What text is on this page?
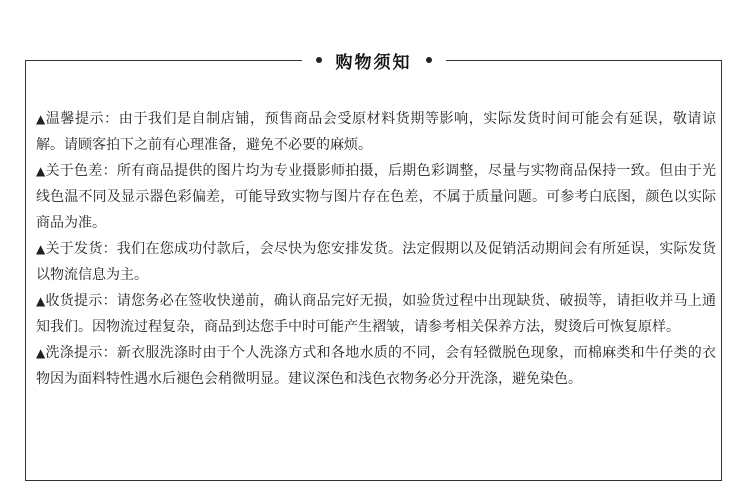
购物须知

▲温馨提示：由于我们是自制店铺，预售商品会受原材料货期等影响，实际发货时间可能会有延误，敬请谅解。请顾客拍下之前有心理准备，避免不必要的麻烦。

▲关于色差：所有商品提供的图片均为专业摄影师拍摄，后期色彩调整，尽量与实物商品保持一致。但由于光线色温不同及显示器色彩偏差，可能导致实物与图片存在色差，不属于质量问题。可参考白底图，颜色以实际商品为准。

▲关于发货：我们在您成功付款后，会尽快为您安排发货。法定假期以及促销活动期间会有所延误，实际发货以物流信息为主。

▲收货提示：请您务必在签收快递前，确认商品完好无损，如验货过程中出现缺货、破损等，请拒收并马上通知我们。因物流过程复杂，商品到达您手中时可能产生褶皱，请参考相关保养方法，熨烫后可恢复原样。

▲洗涤提示：新衣服洗涤时由于个人洗涤方式和各地水质的不同，会有轻微脱色现象，而棉麻类和牛仔类的衣物因为面料特性遇水后褪色会稍微明显。建议深色和浅色衣物务必分开洗涤，避免染色。
